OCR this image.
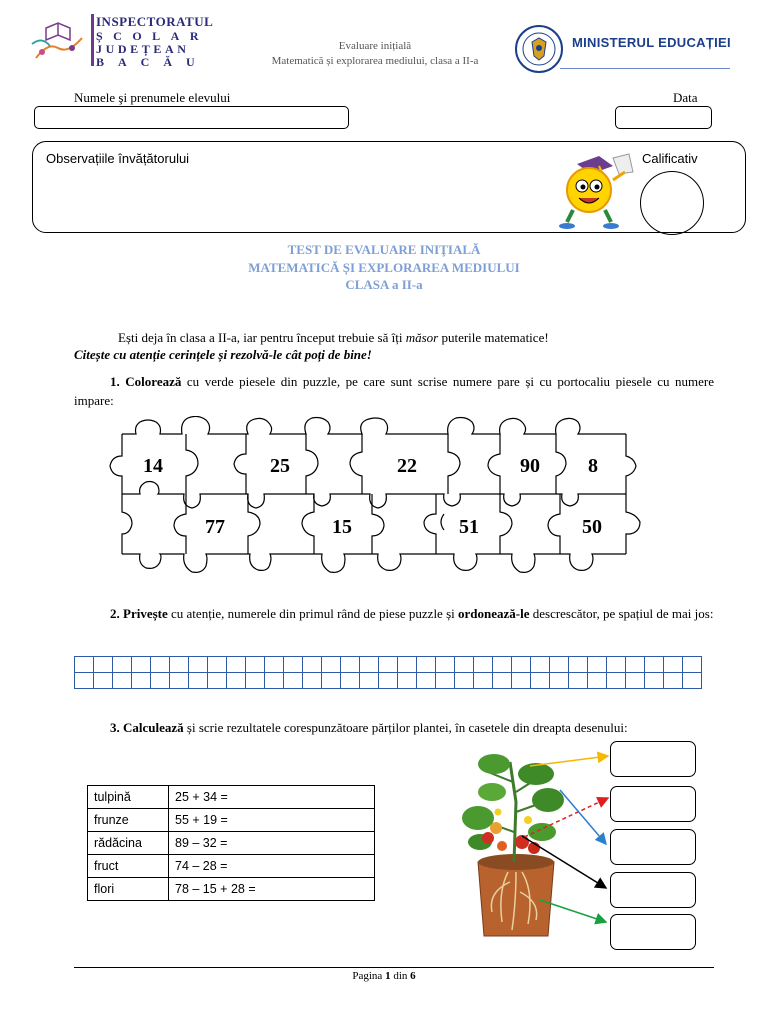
INSPECTORATUL
ȘCOLAR
JUDEȚEAN
BACĂU
Evaluare inițială
Matematică și explorarea mediului, clasa a II-a
MINISTERUL EDUCAȚIEI
Numele şi prenumele elevului	Data
Observațiile învățătorului	Calificativ
TEST DE EVALUARE INIŢIALĂ
MATEMATICĂ ȘI EXPLORAREA MEDIULUI
CLASA a II-a
Ești deja în clasa a II-a, iar pentru început trebuie să îți măsor puterile matematice!
Citește cu atenție cerințele și rezolvă-le cât poți de bine!
1. Colorează cu verde piesele din puzzle, pe care sunt scrise numere pare și cu portocaliu piesele cu numere impare:
14	25	22	90	8
77	15	51	50
2. Privește cu atenție, numerele din primul rând de piese puzzle și ordonează-le descrescător, pe spațiul de mai jos:

3. Calculează și scrie rezultatele corespunzătoare părților plantei, în casetele din dreapta desenului:
tulpină	25 + 34 =
frunze	55 + 19 =
rădăcina	89 – 32 =
fruct	74 – 28 =
flori	78 – 15 + 28 =
Pagina 1 din 6
